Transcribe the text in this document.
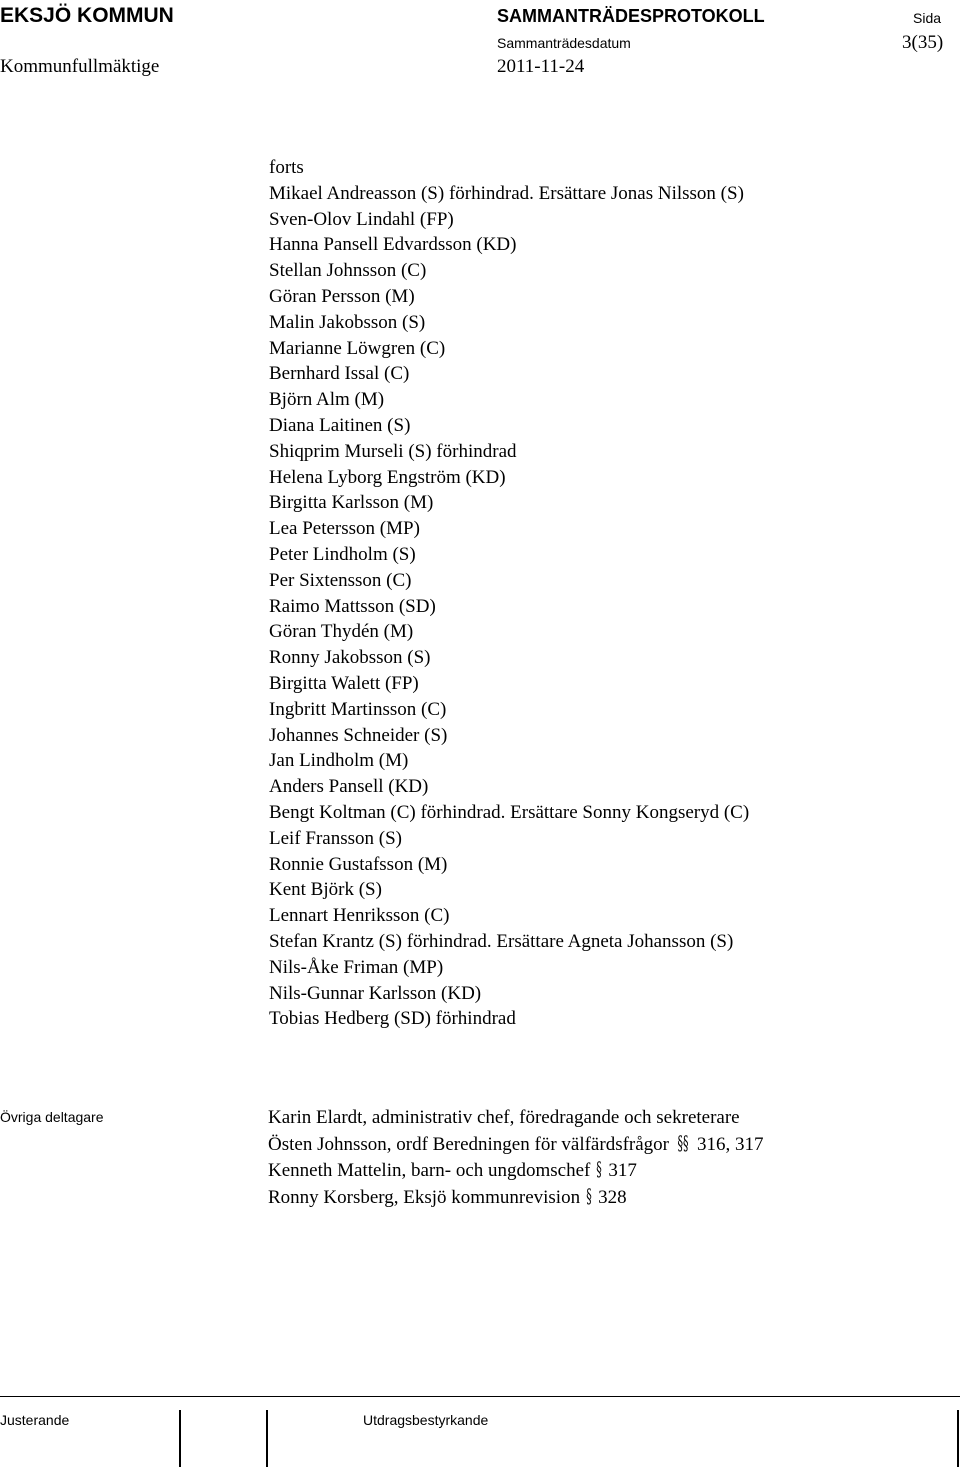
EKSJÖ KOMMUN	SAMMANTRÄDESPROTOKOLL	Sida
3(35)
Kommunfullmäktige
Sammanträdesdatum
2011-11-24
forts
Mikael Andreasson (S) förhindrad. Ersättare Jonas Nilsson (S)
Sven-Olov Lindahl (FP)
Hanna Pansell Edvardsson (KD)
Stellan Johnsson (C)
Göran Persson (M)
Malin Jakobsson (S)
Marianne Löwgren (C)
Bernhard Issal (C)
Björn Alm (M)
Diana Laitinen (S)
Shiqprim Murseli (S) förhindrad
Helena Lyborg Engström (KD)
Birgitta Karlsson (M)
Lea Petersson (MP)
Peter Lindholm (S)
Per Sixtensson (C)
Raimo Mattsson (SD)
Göran Thydén (M)
Ronny Jakobsson (S)
Birgitta Walett (FP)
Ingbritt Martinsson (C)
Johannes Schneider (S)
Jan Lindholm (M)
Anders Pansell (KD)
Bengt Koltman (C) förhindrad. Ersättare Sonny Kongseryd (C)
Leif Fransson (S)
Ronnie Gustafsson (M)
Kent Björk (S)
Lennart Henriksson (C)
Stefan Krantz (S) förhindrad. Ersättare Agneta Johansson (S)
Nils-Åke Friman (MP)
Nils-Gunnar Karlsson (KD)
Tobias Hedberg (SD) förhindrad
Övriga deltagare	Karin Elardt, administrativ chef, föredragande och sekreterare
Östen Johnsson, ordf Beredningen för välfärdsfrågor §§ 316, 317
Kenneth Mattelin, barn- och ungdomschef § 317
Ronny Korsberg, Eksjö kommunrevision § 328
Justerande	Utdragsbestyrkande
